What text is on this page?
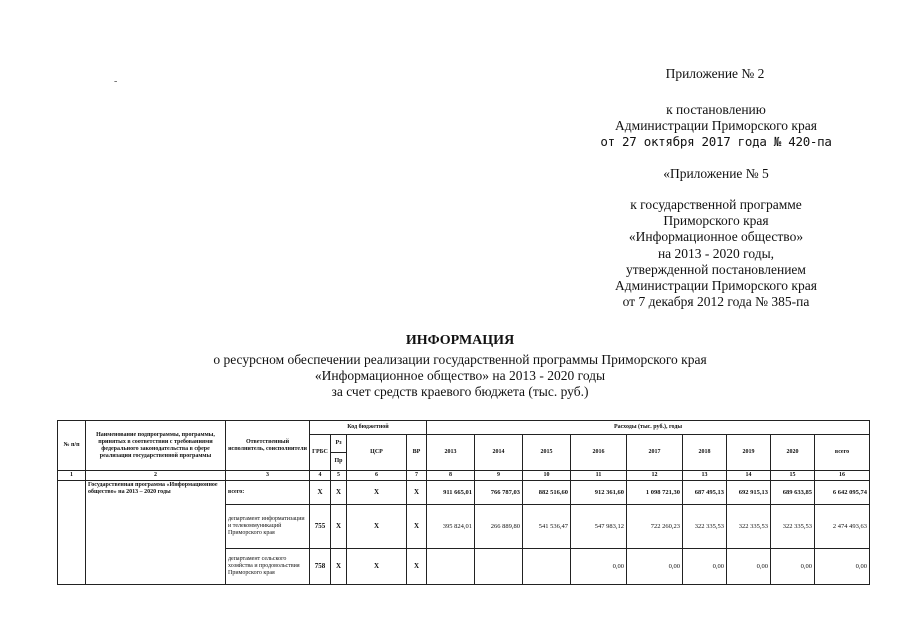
-
Приложение № 2
к постановлению
Администрации Приморского края
от 27 октября 2017 года № 420-па
«Приложение № 5
к государственной программе
Приморского края
«Информационное общество»
на 2013 - 2020 годы,
утвержденной постановлением
Администрации Приморского края
от 7 декабря 2012 года № 385-па
ИНФОРМАЦИЯ
о ресурсном обеспечении реализации государственной программы Приморского края
«Информационное общество» на 2013 - 2020 годы
за счет средств краевого бюджета (тыс. руб.)
№ п/п	Наименование подпрограммы, программы, принятых в соответствии с требованиями федерального законодательства в сфере реализации государственной программы	Ответственный исполнитель, соисполнители	Код бюджетной				Расходы (тыс. руб.), годы								
			ГРБС	Рз	ЦСР	ВР	2013	2014	2015	2016	2017	2018	2019	2020	всего
				Пр											
1	2	3	4	5	6	7	8	9	10	11	12	13	14	15	16
	Государственная программа «Информационное общество» на 2013 – 2020 годы	всего:	X	X	X	X	911 665,01	766 787,03	882 516,60	912 361,60	1 098 721,30	687 495,13	692 915,13	689 633,85	6 642 095,74
		департамент информатизации и телекоммуникаций Приморского края	755	X	X	X	395 824,01	266 889,80	541 536,47	547 983,12	722 260,23	322 335,53	322 335,53	322 335,53	2 474 493,63
		департамент сельского хозяйства и продовольствия Приморского края	758	X	X	X				0,00	0,00	0,00	0,00	0,00	0,00
